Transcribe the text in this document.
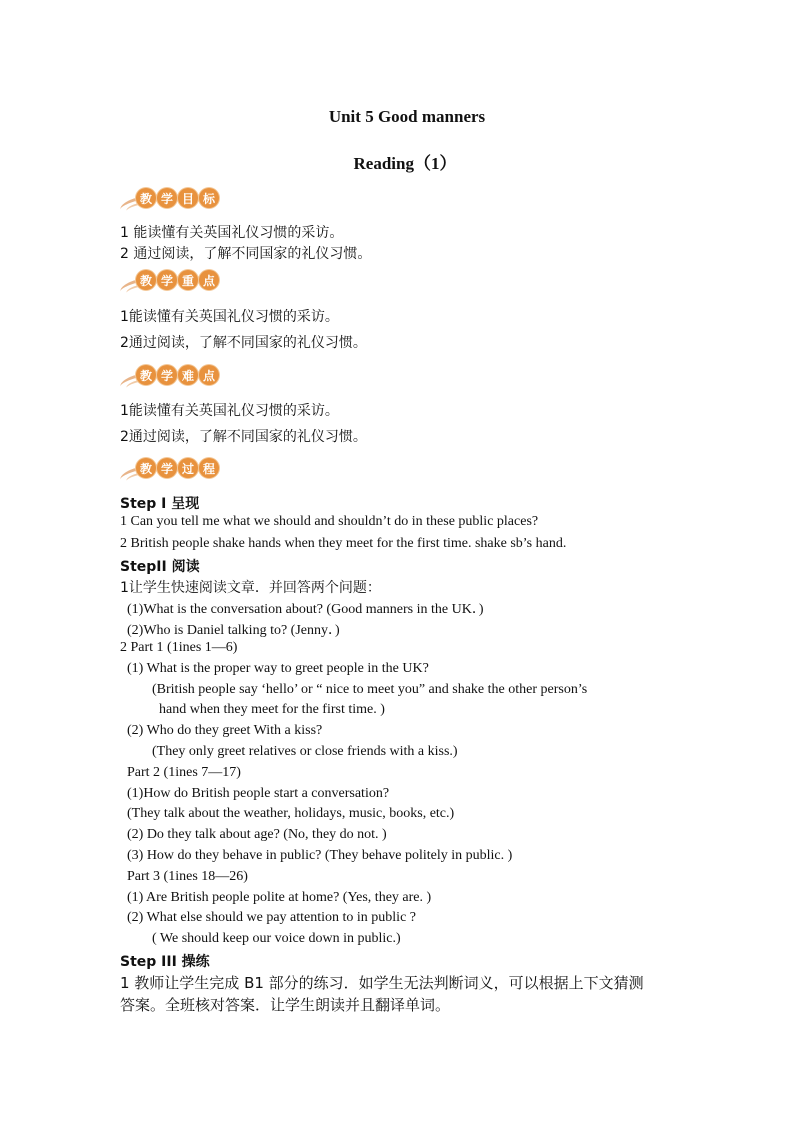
Unit 5 Good manners
Reading（1）
教 学 目 标
1 能读懂有关英国礼仪习惯的采访。
2 通过阅读，了解不同国家的礼仪习惯。
教 学 重 点
1能读懂有关英国礼仪习惯的采访。
2通过阅读，了解不同国家的礼仪习惯。
教 学 难 点
1能读懂有关英国礼仪习惯的采访。
2通过阅读，了解不同国家的礼仪习惯。
教 学 过 程
Step I 呈现
1 Can you tell me what we should and shouldn’t do in these public places?
2 British people shake hands when they meet for the first time. shake sb’s hand.
StepII 阅读
1让学生快速阅读文章．并回答两个问题：
(1)What is the conversation about? (Good manners in the UK．)
(2)Who is Daniel talking to? (Jenny．)
2 Part 1 (1ines 1—6)
(1) What is the proper way to greet people in the UK?
(British people say ‘hello’ or “ nice to meet you” and shake the other person’s
hand when they meet for the first time. )
(2) Who do they greet With a kiss?
(They only greet relatives or close friends with a kiss.)
Part 2 (1ines 7—17)
(1)How do British people start a conversation?
(They talk about the weather, holidays, music, books, etc.)
(2) Do they talk about age? (No, they do not. )
(3) How do they behave in public? (They behave politely in public. )
Part 3 (1ines 18—26)
(1) Are British people polite at home? (Yes, they are. )
(2) What else should we pay attention to in public ?
( We should keep our voice down in public.)
Step III 操练
1 教师让学生完成 B1 部分的练习．如学生无法判断词义，可以根据上下文猜测
答案。全班核对答案．让学生朗读并且翻译单词。
